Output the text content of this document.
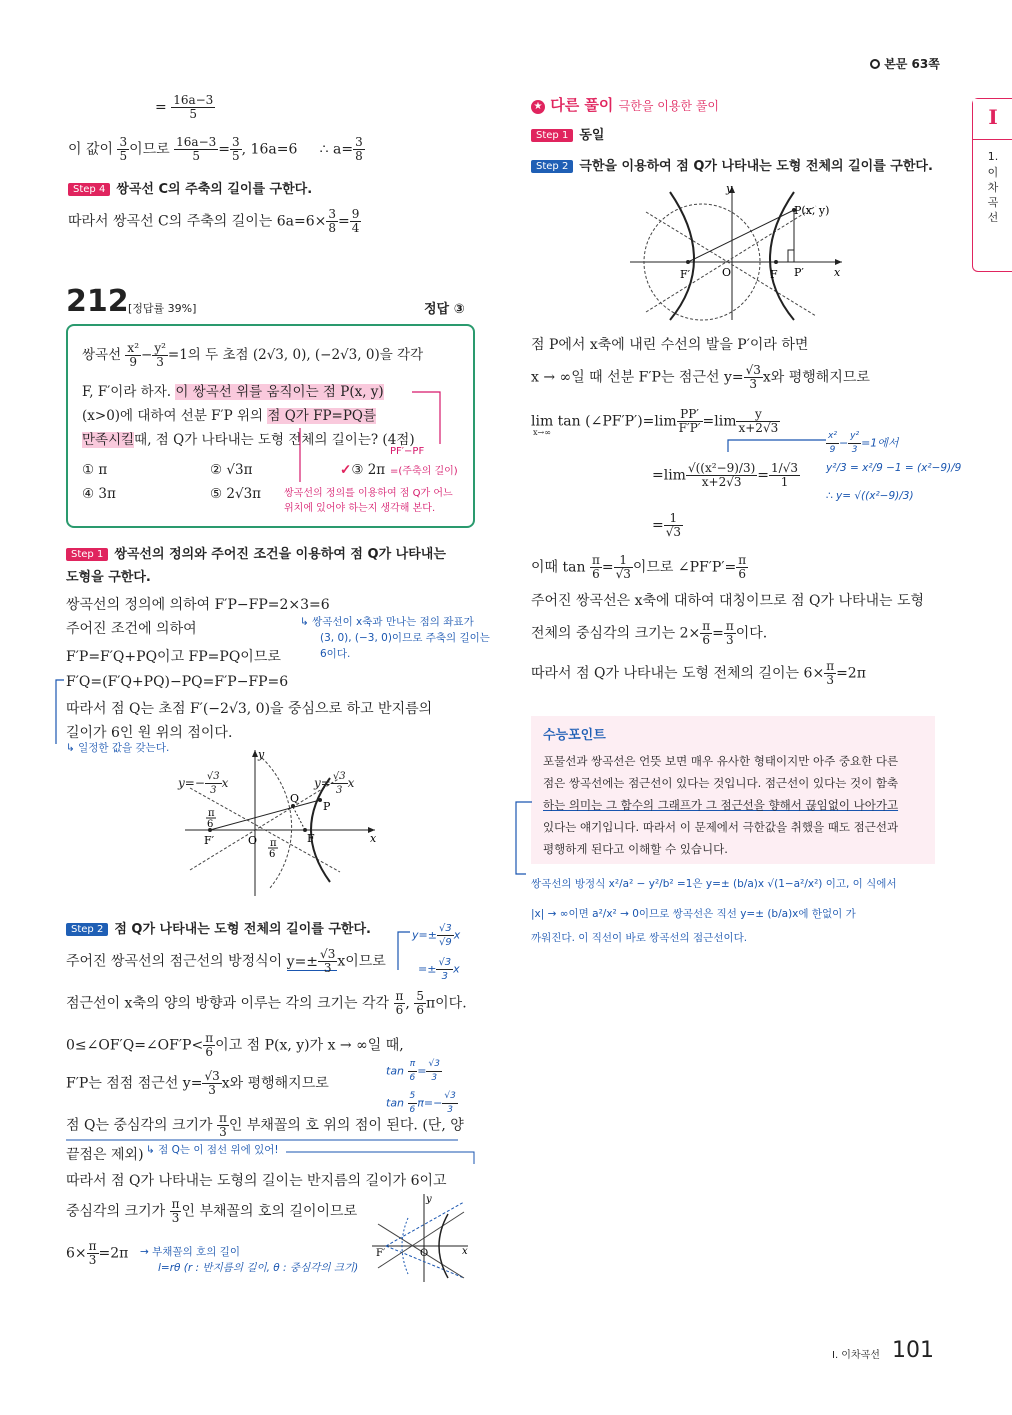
본문 63쪽
I
1.
이차곡선
= $\frac{16a-3}{5}$
이 값이 $\frac{3}{5}$ 이므로 $\frac{16a-3}{5} = \frac{3}{5}$ , 16a=6 ∴ $a= \frac{3}{8}$
Step 4 쌍곡선 C의 주축의 길이를 구한다.
따라서 쌍곡선 C의 주축의 길이는 $6a=6\times \frac{3}{8} = \frac{9}{4}$
212 [정답률 39%]	정답 ③
쌍곡선 $\frac{\text{x²}}{9} - \frac{\text{y²}}{3} =1$의 두 초점 (2√3, 0), (−2√3, 0)을 각각
F, F′이라 하자. 이 쌍곡선 위를 움직이는 점 P(x, y)
(x>0)에 대하여 선분 F′P 위의 점 Q가 FP=PQ를
만족시킬때, 점 Q가 나타내는 도형 전체의 길이는? (4점)
PF′−PF
=(주축의 길이)
① π	② √3π	✓③ 2π
④ 3π	⑤ 2√3π 쌍곡선의 정의를 이용하여 점 Q가 어느
위치에 있어야 하는지 생각해 본다.
Step 1 쌍곡선의 정의와 주어진 조건을 이용하여 점 Q가 나타내는
도형을 구한다.
쌍곡선의 정의에 의하여 F′P−FP=2×3=6
주어진 조건에 의하여	↳ 쌍곡선이 x축과 만나는 점의 좌표가
(3, 0), (−3, 0)이므로 주축의 길이는
6이다.
F′P=F′Q+PQ이고 FP=PQ이므로
F′Q=(F′Q+PQ)−PQ=F′P−FP=6
따라서 점 Q는 초점 F′(−2√3, 0)을 중심으로 하고 반지름의
길이가 6인 원 위의 점이다.
↳ 일정한 값을 갖는다.
Q
P
F	x
F′	O
y
π
6
π
6
$y=- \frac{√3}{3}$ x	$y= \frac{√3}{3}$ x
Step 2 점 Q가 나타내는 도형 전체의 길이를 구한다.
주어진 쌍곡선의 점근선의 방정식이 $y=\pm \frac{√3}{3}$ x이므로
$y=\pm \frac{√3}{√9}$ x
=± $\frac{√3}{3}$ x
점근선이 x축의 양의 방향과 이루는 각의 크기는 각각 $\frac{\pi}{6}$ , $\frac{5}{6}$ π이다.
0≤∠OF′Q=∠OF′P< $\frac{\pi}{6}$ 이고 점 P(x, y)가 x → ∞일 때,
F′P는 점점 점근선 $y= \frac{√3}{3}$ x와 평행해지므로
$\tan \frac{\pi}{6} = \frac{√3}{3}$
$\tan \frac{5}{6} \pi=- \frac{√3}{3}$
점 Q는 중심각의 크기가 $\frac{\pi}{3}$ 인 부채꼴의 호 위의 점이 된다. (단, 양
끝점은 제외) ↳ 점 Q는 이 점선 위에 있어!
따라서 점 Q가 나타내는 도형의 길이는 반지름의 길이가 6이고
중심각의 크기가 $\frac{\pi}{3}$ 인 부채꼴의 호의 길이이므로
$6\times \frac{\pi}{3} =2\pi$ → 부채꼴의 호의 길이
l=rθ (r : 반지름의 길이, θ : 중심각의 크기)
F′	O	x
y
★ 다른 풀이 극한을 이용한 풀이
Step 1 동일
Step 2 극한을 이용하여 점 Q가 나타내는 도형 전체의 길이를 구한다.
y
P(x, y)
F
F′	O	P′	x
점 P에서 x축에 내린 수선의 발을 P′이라 하면
x → ∞일 때 선분 F′P는 점근선 $y= \frac{√3}{3}$ x와 평행해지므로
lim tan (∠PF′P′)=lim $\frac{PP'}{F'P'} =\lim \frac{y}{x+2√3}$
x→∞	$\frac{\text{x²}}{9} - \frac{\text{y²}}{3} =1$에서
y²/3 = x²/9 −1 = (x²−9)/9
∴ y= √((x²−9)/3)
$=\lim \frac{\text{√((x²−9)/3)}}{x+2√3} = \frac{1/√3}{1}$
= $\frac{1}{√3}$
이때 $\tan \frac{\pi}{6} = \frac{1}{√3}$ 이므로 ∠PF′P′= $\frac{\pi}{6}$
주어진 쌍곡선은 x축에 대하여 대칭이므로 점 Q가 나타내는 도형
전체의 중심각의 크기는 $2\times \frac{\pi}{6} = \frac{\pi}{3}$ 이다.
따라서 점 Q가 나타내는 도형 전체의 길이는 $6\times \frac{\pi}{3} =2\pi$
수능포인트
포물선과 쌍곡선은 언뜻 보면 매우 유사한 형태이지만 아주 중요한 다른
점은 쌍곡선에는 점근선이 있다는 것입니다. 점근선이 있다는 것이 함축
하는 의미는 그 함수의 그래프가 그 점근선을 향해서 끊임없이 나아가고
있다는 얘기입니다. 따라서 이 문제에서 극한값을 취했을 때도 점근선과
평행하게 된다고 이해할 수 있습니다.
쌍곡선의 방정식 x²/a² − y²/b² =1은 y=± (b/a)x √(1−a²/x²) 이고, 이 식에서
|x| → ∞이면 a²/x² → 0이므로 쌍곡선은 직선 y=± (b/a)x에 한없이 가
까워진다. 이 직선이 바로 쌍곡선의 점근선이다.
Ⅰ. 이차곡선 101
